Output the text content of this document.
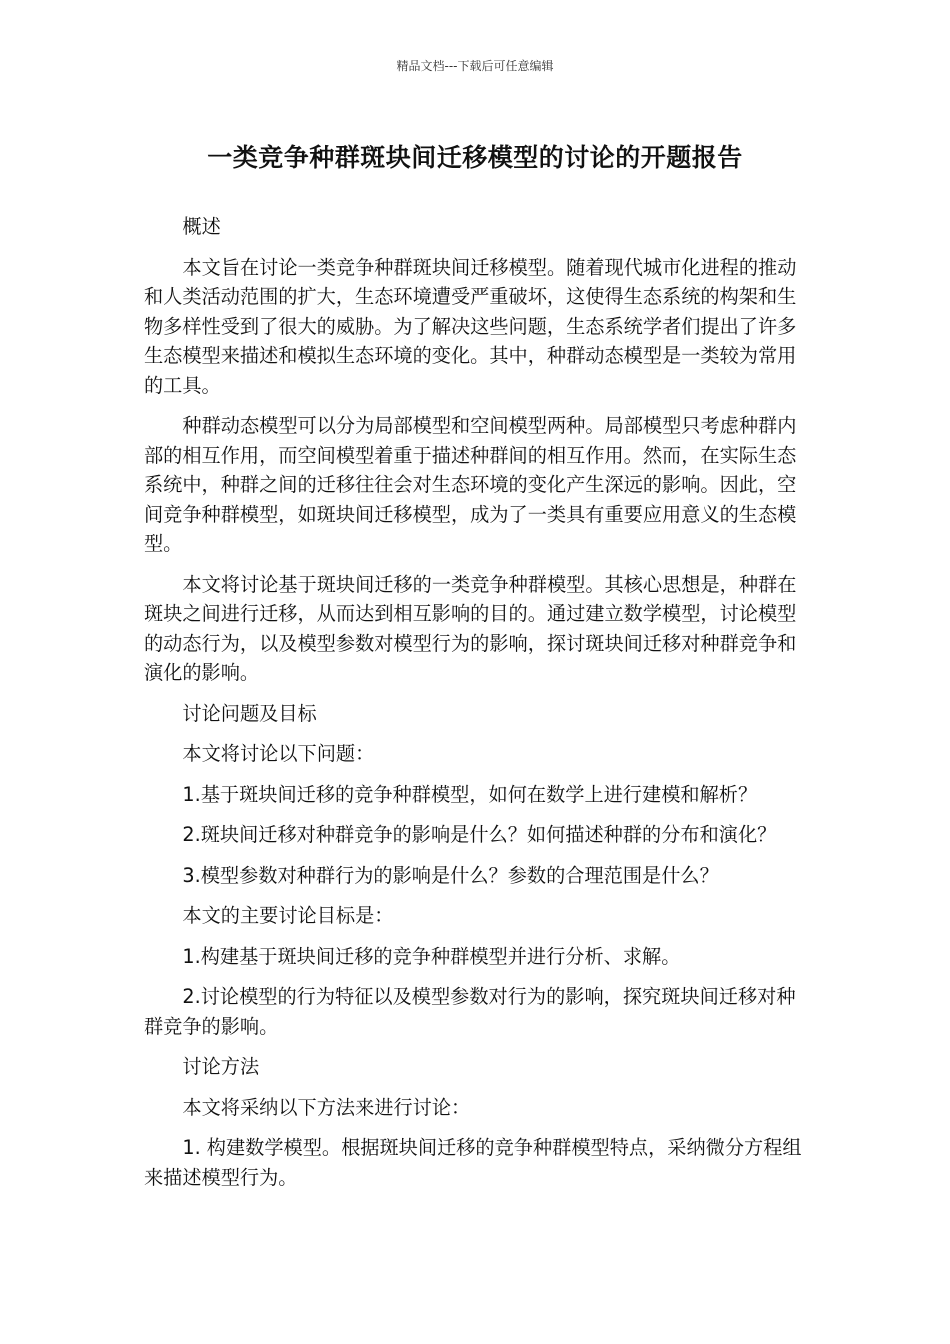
精品文档---下载后可任意编辑
一类竞争种群斑块间迁移模型的讨论的开题报告

概述

本文旨在讨论一类竞争种群斑块间迁移模型。随着现代城市化进程的推动和人类活动范围的扩大，生态环境遭受严重破坏，这使得生态系统的构架和生物多样性受到了很大的威胁。为了解决这些问题，生态系统学者们提出了许多生态模型来描述和模拟生态环境的变化。其中，种群动态模型是一类较为常用的工具。

种群动态模型可以分为局部模型和空间模型两种。局部模型只考虑种群内部的相互作用，而空间模型着重于描述种群间的相互作用。然而，在实际生态系统中，种群之间的迁移往往会对生态环境的变化产生深远的影响。因此，空间竞争种群模型，如斑块间迁移模型，成为了一类具有重要应用意义的生态模型。

本文将讨论基于斑块间迁移的一类竞争种群模型。其核心思想是，种群在斑块之间进行迁移，从而达到相互影响的目的。通过建立数学模型，讨论模型的动态行为，以及模型参数对模型行为的影响，探讨斑块间迁移对种群竞争和演化的影响。

讨论问题及目标

本文将讨论以下问题：

1.基于斑块间迁移的竞争种群模型，如何在数学上进行建模和解析？

2.斑块间迁移对种群竞争的影响是什么？如何描述种群的分布和演化？

3.模型参数对种群行为的影响是什么？参数的合理范围是什么？

本文的主要讨论目标是：

1.构建基于斑块间迁移的竞争种群模型并进行分析、求解。

2.讨论模型的行为特征以及模型参数对行为的影响，探究斑块间迁移对种群竞争的影响。

讨论方法

本文将采纳以下方法来进行讨论：

1. 构建数学模型。根据斑块间迁移的竞争种群模型特点，采纳微分方程组来描述模型行为。
